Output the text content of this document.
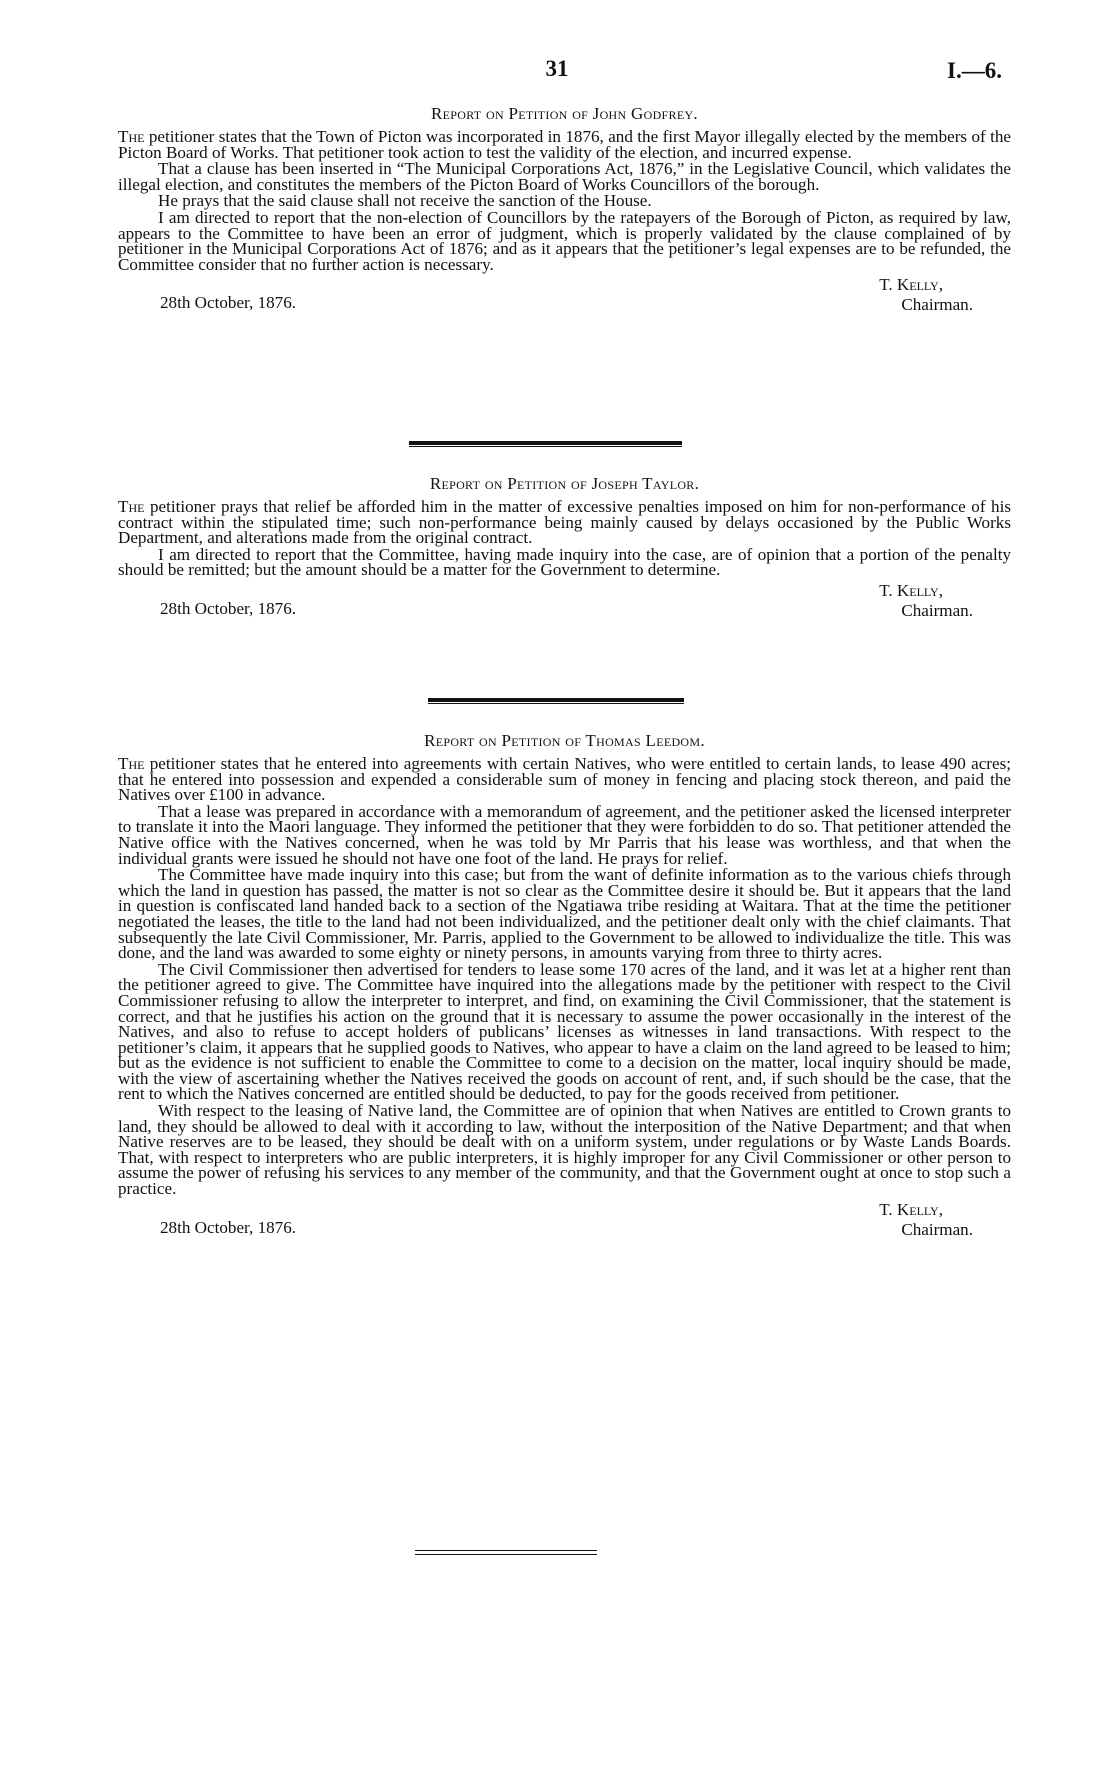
31	I.—6.
Report on Petition of John Godfrey.

The petitioner states that the Town of Picton was incorporated in 1876, and the first Mayor illegally elected by the members of the Picton Board of Works. That petitioner took action to test the validity of the election, and incurred expense.

That a clause has been inserted in “The Municipal Corporations Act, 1876,” in the Legislative Council, which validates the illegal election, and constitutes the members of the Picton Board of Works Councillors of the borough.

He prays that the said clause shall not receive the sanction of the House.

I am directed to report that the non-election of Councillors by the ratepayers of the Borough of Picton, as required by law, appears to the Committee to have been an error of judgment, which is properly validated by the clause complained of by petitioner in the Municipal Corporations Act of 1876; and as it appears that the petitioner’s legal expenses are to be refunded, the Committee consider that no further action is necessary.

28th October, 1876.
T. Kelly,
Chairman.
Report on Petition of Joseph Taylor.

The petitioner prays that relief be afforded him in the matter of excessive penalties imposed on him for non-performance of his contract within the stipulated time; such non-performance being mainly caused by delays occasioned by the Public Works Department, and alterations made from the original contract.

I am directed to report that the Committee, having made inquiry into the case, are of opinion that a portion of the penalty should be remitted; but the amount should be a matter for the Government to determine.

28th October, 1876.
T. Kelly,
Chairman.
Report on Petition of Thomas Leedom.

The petitioner states that he entered into agreements with certain Natives, who were entitled to certain lands, to lease 490 acres; that he entered into possession and expended a considerable sum of money in fencing and placing stock thereon, and paid the Natives over £100 in advance.

That a lease was prepared in accordance with a memorandum of agreement, and the petitioner asked the licensed interpreter to translate it into the Maori language. They informed the petitioner that they were forbidden to do so. That petitioner attended the Native office with the Natives concerned, when he was told by Mr Parris that his lease was worthless, and that when the individual grants were issued he should not have one foot of the land. He prays for relief.

The Committee have made inquiry into this case; but from the want of definite information as to the various chiefs through which the land in question has passed, the matter is not so clear as the Committee desire it should be. But it appears that the land in question is confiscated land handed back to a section of the Ngatiawa tribe residing at Waitara. That at the time the petitioner negotiated the leases, the title to the land had not been individualized, and the petitioner dealt only with the chief claimants. That subsequently the late Civil Commissioner, Mr. Parris, applied to the Government to be allowed to individualize the title. This was done, and the land was awarded to some eighty or ninety persons, in amounts varying from three to thirty acres.

The Civil Commissioner then advertised for tenders to lease some 170 acres of the land, and it was let at a higher rent than the petitioner agreed to give. The Committee have inquired into the allegations made by the petitioner with respect to the Civil Commissioner refusing to allow the interpreter to interpret, and find, on examining the Civil Commissioner, that the statement is correct, and that he justifies his action on the ground that it is necessary to assume the power occasionally in the interest of the Natives, and also to refuse to accept holders of publicans’ licenses as witnesses in land transactions. With respect to the petitioner’s claim, it appears that he supplied goods to Natives, who appear to have a claim on the land agreed to be leased to him; but as the evidence is not sufficient to enable the Committee to come to a decision on the matter, local inquiry should be made, with the view of ascertaining whether the Natives received the goods on account of rent, and, if such should be the case, that the rent to which the Natives concerned are entitled should be deducted, to pay for the goods received from petitioner.

With respect to the leasing of Native land, the Committee are of opinion that when Natives are entitled to Crown grants to land, they should be allowed to deal with it according to law, without the interposition of the Native Department; and that when Native reserves are to be leased, they should be dealt with on a uniform system, under regulations or by Waste Lands Boards. That, with respect to interpreters who are public interpreters, it is highly improper for any Civil Commissioner or other person to assume the power of refusing his services to any member of the community, and that the Government ought at once to stop such a practice.

28th October, 1876.
T. Kelly,
Chairman.
